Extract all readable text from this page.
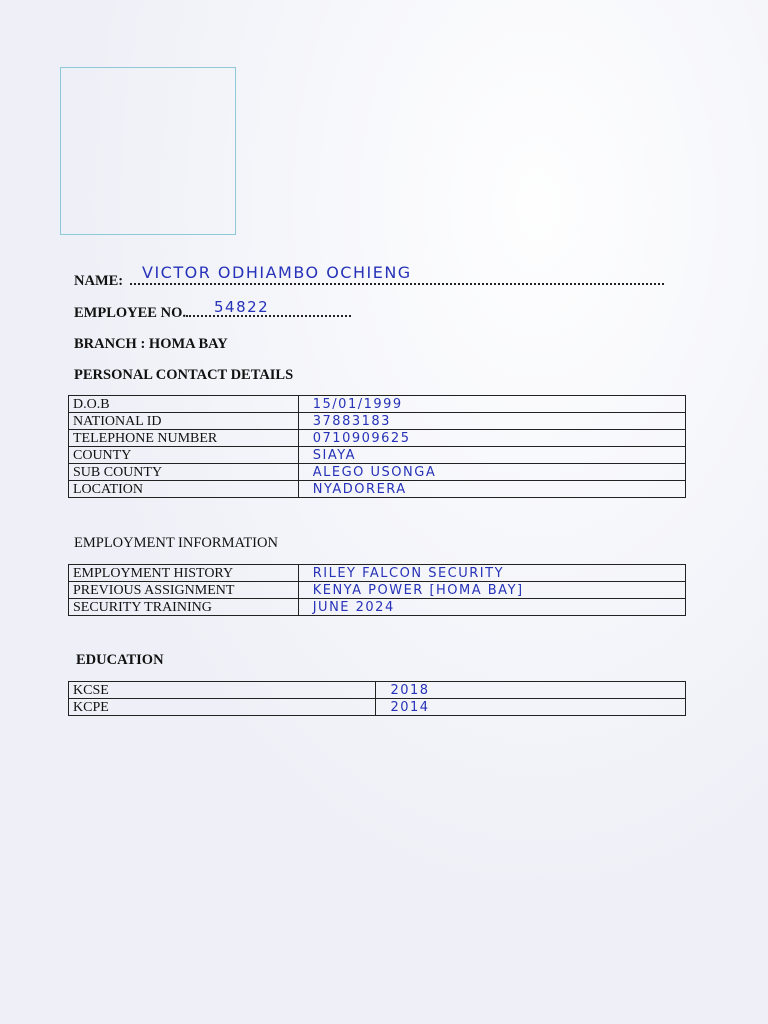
NAME: VICTOR ODHIAMBO OCHIENG
EMPLOYEE NO. 54822
BRANCH : HOMA BAY
PERSONAL CONTACT DETAILS
D.O.B	15/01/1999
NATIONAL ID	37883183
TELEPHONE NUMBER	0710909625
COUNTY	SIAYA
SUB COUNTY	ALEGO USONGA
LOCATION	NYADORERA
EMPLOYMENT INFORMATION
EMPLOYMENT HISTORY	RILEY FALCON SECURITY
PREVIOUS ASSIGNMENT	KENYA POWER [HOMA BAY]
SECURITY TRAINING	JUNE 2024
EDUCATION
KCSE	2018
KCPE	2014
